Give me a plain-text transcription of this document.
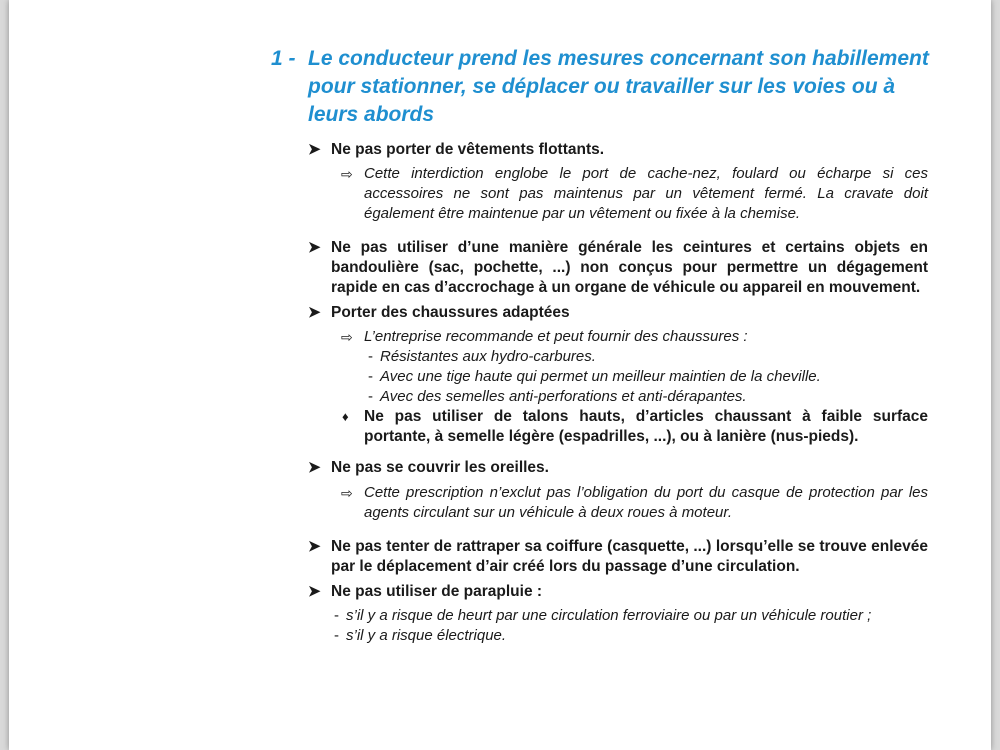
1 - Le conducteur prend les mesures concernant son habillement pour stationner, se déplacer ou travailler sur les voies ou à leurs abords
➤ Ne pas porter de vêtements flottants.
⇨ Cette interdiction englobe le port de cache-nez, foulard ou écharpe si ces accessoires ne sont pas maintenus par un vêtement fermé. La cravate doit également être maintenue par un vêtement ou fixée à la chemise.
➤ Ne pas utiliser d’une manière générale les ceintures et certains objets en bandoulière (sac, pochette, ...) non conçus pour permettre un dégagement rapide en cas d’accrochage à un organe de véhicule ou appareil en mouvement.
➤ Porter des chaussures adaptées
⇨ L’entreprise recommande et peut fournir des chaussures :
- Résistantes aux hydro-carbures.
- Avec une tige haute qui permet un meilleur maintien de la cheville.
- Avec des semelles anti-perforations et anti-dérapantes.
♦ Ne pas utiliser de talons hauts, d’articles chaussant à faible surface portante, à semelle légère (espadrilles, ...), ou à lanière (nus-pieds).
➤ Ne pas se couvrir les oreilles.
⇨ Cette prescription n’exclut pas l’obligation du port du casque de protection par les agents circulant sur un véhicule à deux roues à moteur.
➤ Ne pas tenter de rattraper sa coiffure (casquette, ...) lorsqu’elle se trouve enlevée par le déplacement d’air créé lors du passage d’une circulation.
➤ Ne pas utiliser de parapluie :
- s’il y a risque de heurt par une circulation ferroviaire ou par un véhicule routier ;
- s’il y a risque électrique.
